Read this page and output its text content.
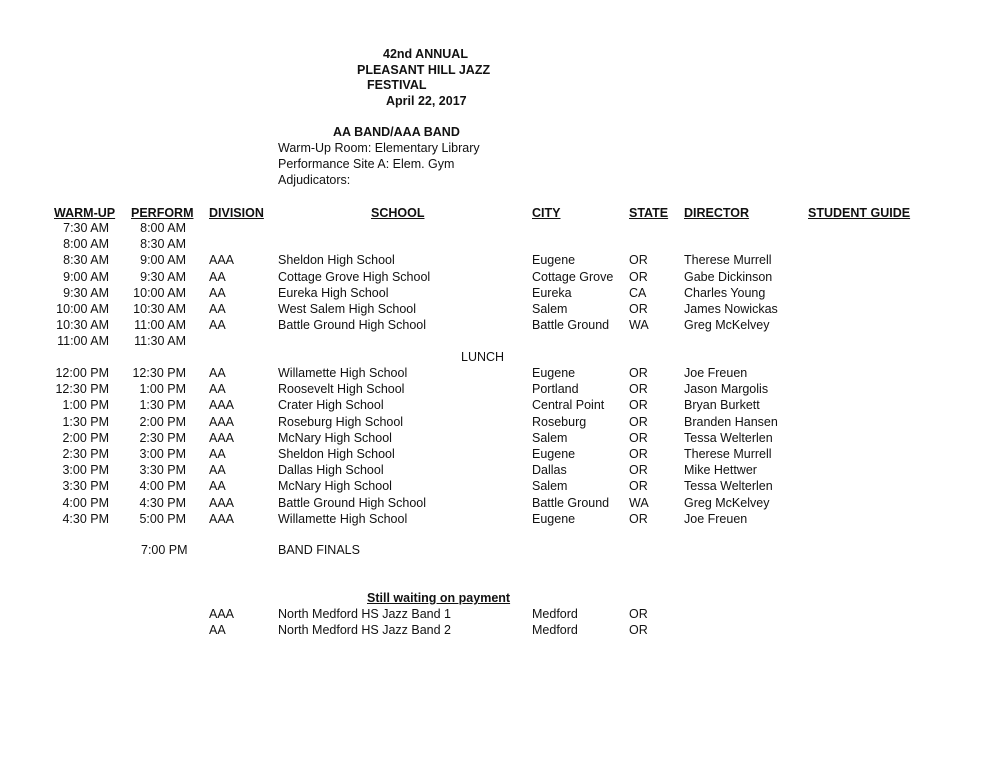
42nd ANNUAL
PLEASANT HILL JAZZ
FESTIVAL
April 22, 2017
AA BAND/AAA BAND
Warm-Up Room: Elementary Library
Performance Site A: Elem. Gym
Adjudicators:
WARM-UP PERFORM DIVISION	SCHOOL	CITY	STATE DIRECTOR	STUDENT GUIDE
7:30 AM 8:00 AM
8:00 AM 8:30 AM
8:30 AM 9:00 AM AAA	Sheldon High School	Eugene	OR	Therese Murrell
9:00 AM 9:30 AM AA	Cottage Grove High School	Cottage Grove OR	Gabe Dickinson
9:30 AM 10:00 AM AA	Eureka High School	Eureka	CA	Charles Young
10:00 AM 10:30 AM AA	West Salem High School	Salem	OR	James Nowickas
10:30 AM 11:00 AM AA	Battle Ground High School	Battle Ground WA	Greg McKelvey
11:00 AM 11:30 AM
LUNCH
12:00 PM 12:30 PM AA	Willamette High School	Eugene	OR	Joe Freuen
12:30 PM 1:00 PM AA	Roosevelt High School	Portland	OR	Jason Margolis
1:00 PM 1:30 PM AAA	Crater High School	Central Point OR	Bryan Burkett
1:30 PM 2:00 PM AAA	Roseburg High School	Roseburg	OR	Branden Hansen
2:00 PM 2:30 PM AAA	McNary High School	Salem	OR	Tessa Welterlen
2:30 PM 3:00 PM AA	Sheldon High School	Eugene	OR	Therese Murrell
3:00 PM 3:30 PM AA	Dallas High School	Dallas	OR	Mike Hettwer
3:30 PM 4:00 PM AA	McNary High School	Salem	OR	Tessa Welterlen
4:00 PM 4:30 PM AAA	Battle Ground High School	Battle Ground WA	Greg McKelvey
4:30 PM 5:00 PM AAA	Willamette High School	Eugene	OR	Joe Freuen
7:00 PM	BAND FINALS
Still waiting on payment
AAA	North Medford HS Jazz Band 1	Medford	OR
AA	North Medford HS Jazz Band 2	Medford	OR
